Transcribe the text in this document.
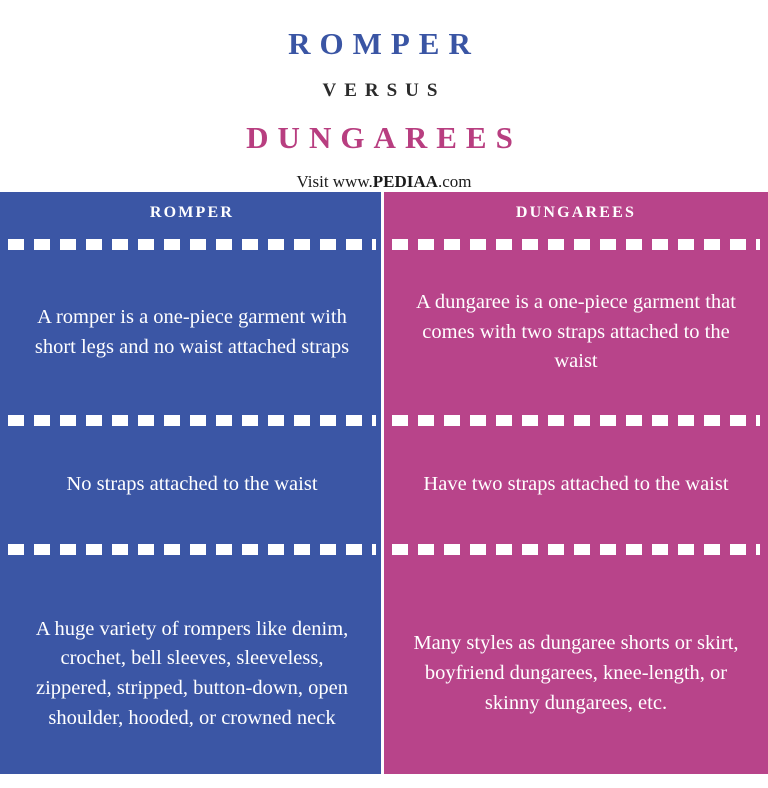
ROMPER
VERSUS
DUNGAREES
Visit www.PEDIAA.com
ROMPER

A romper is a one-piece garment with short legs and no waist attached straps

No straps attached to the waist

A huge variety of rompers like denim, crochet, bell sleeves, sleeveless, zippered, stripped, button-down, open shoulder, hooded, or crowned neck

DUNGAREES

A dungaree is a one-piece garment that comes with two straps attached to the waist

Have two straps attached to the waist

Many styles as dungaree shorts or skirt, boyfriend dungarees, knee-length, or skinny dungarees, etc.
